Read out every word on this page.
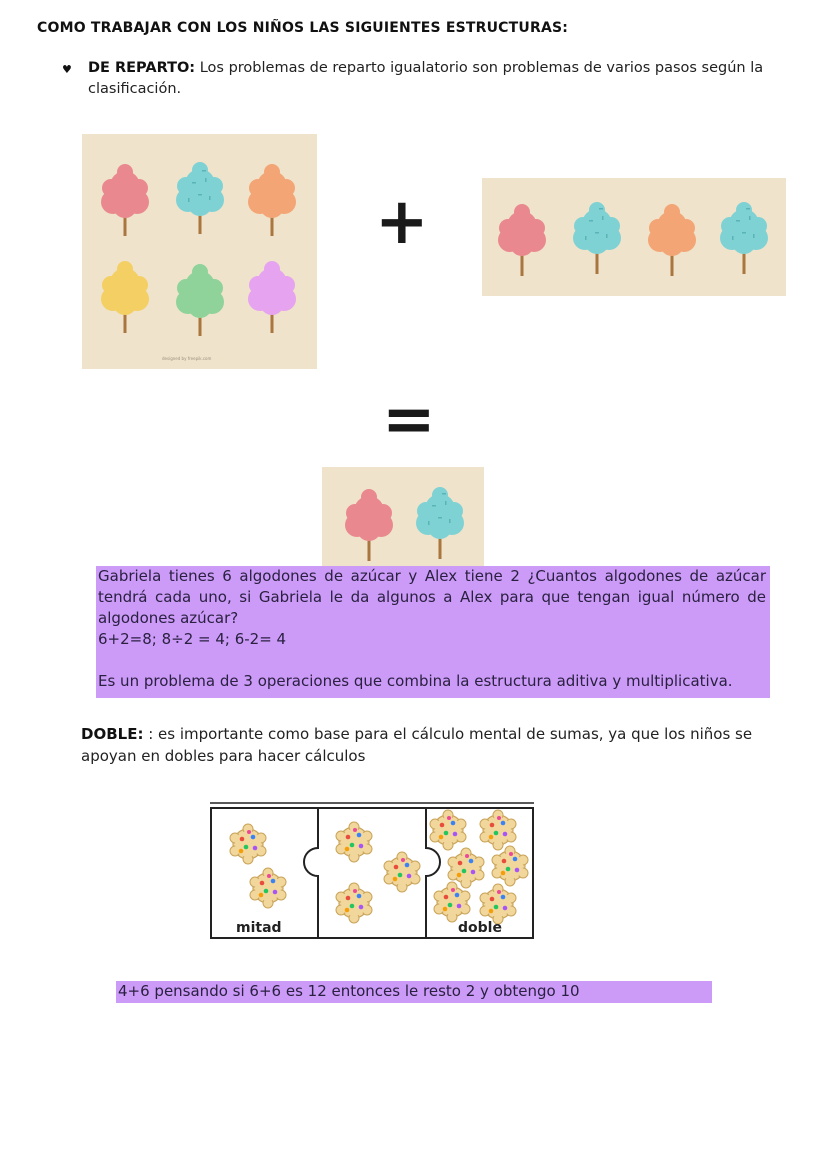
COMO TRABAJAR CON LOS NIÑOS LAS SIGUIENTES ESTRUCTURAS:
♥ DE REPARTO: Los problemas de reparto igualatorio son problemas de varios pasos según la clasificación.
designed by freepik.com
+
=
Gabriela tienes 6 algodones de azúcar y Alex tiene 2 ¿Cuantos algodones de azúcar tendrá cada uno, si Gabriela le da algunos a Alex para que tengan igual número de algodones azúcar?
6+2=8; 8÷2 = 4; 6-2= 4
Es un problema de 3 operaciones que combina la estructura aditiva y multiplicativa.
DOBLE: : es importante como base para el cálculo mental de sumas, ya que los niños se apoyan en dobles para hacer cálculos
mitad	doble
4+6 pensando si 6+6 es 12 entonces le resto 2 y obtengo 10
